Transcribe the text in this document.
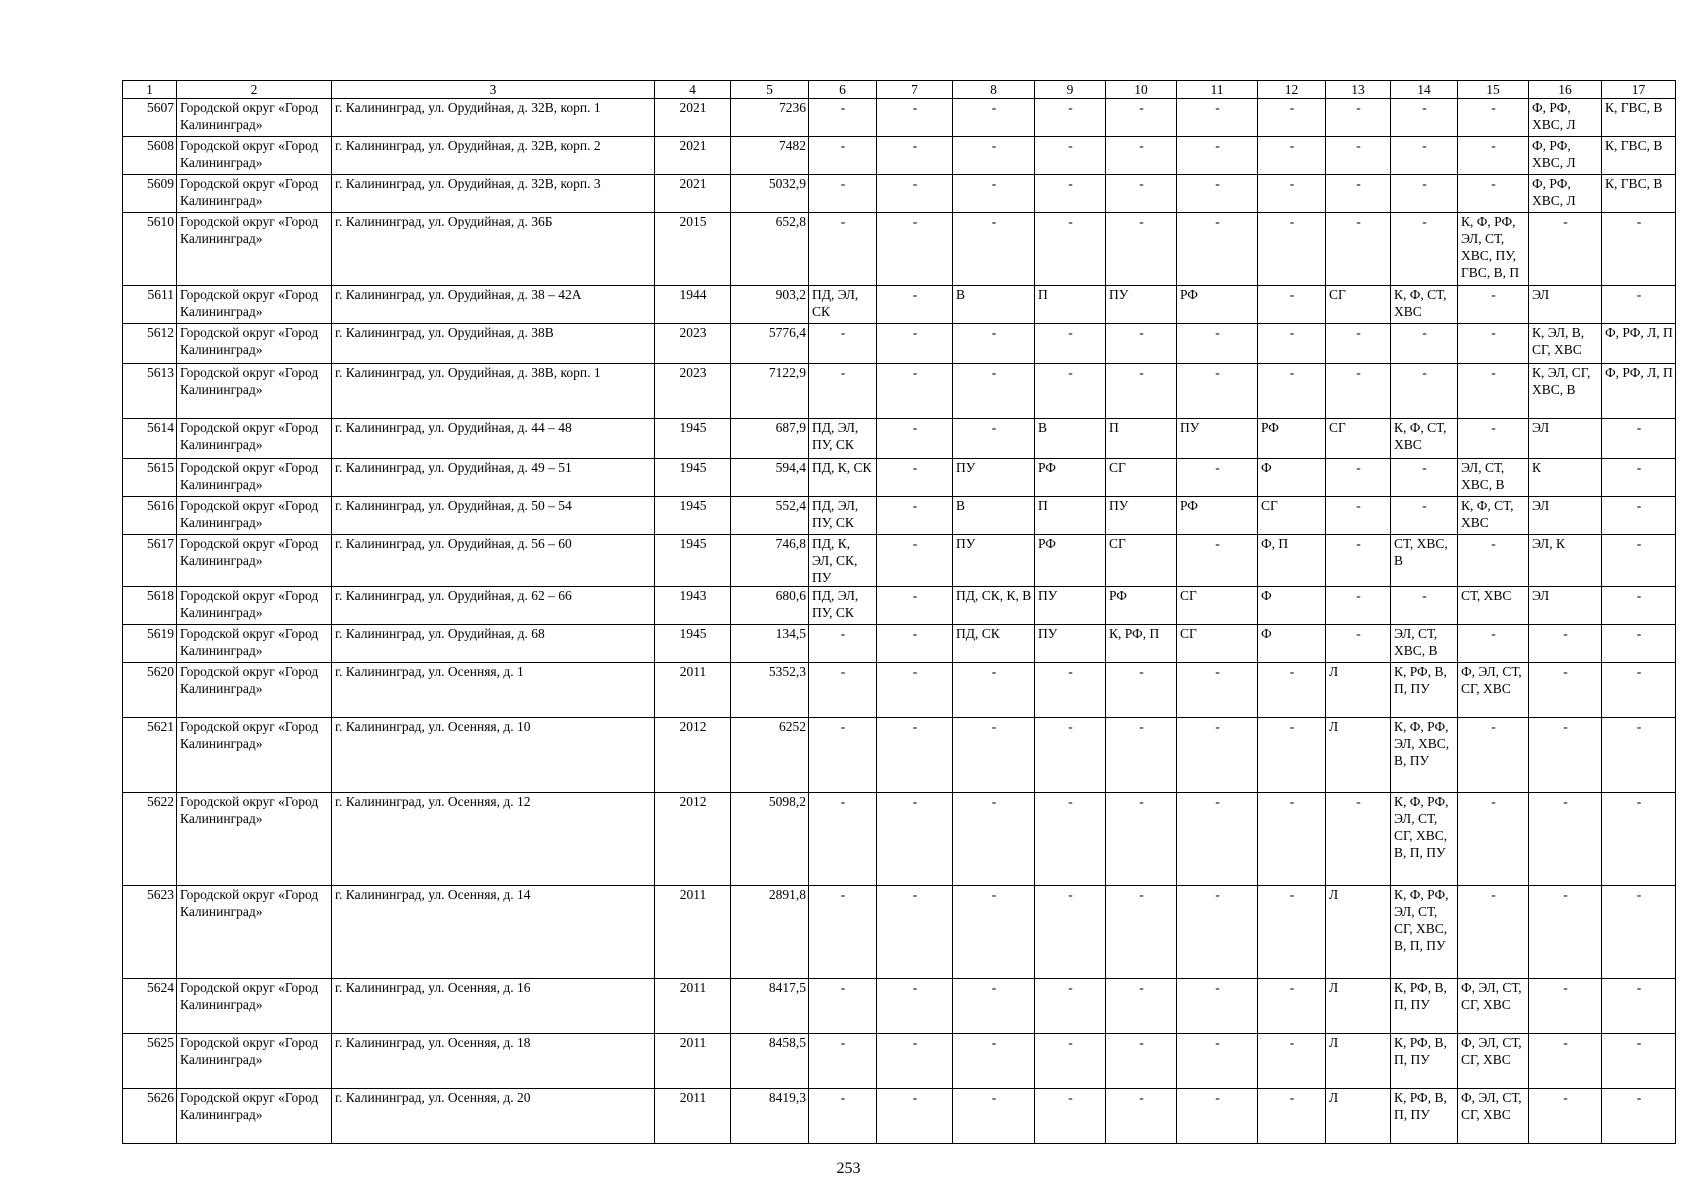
1	2	3	4	5	6	7	8	9	10	11	12	13	14	15	16	17
5607	Городской округ «Город Калининград»	г. Калининград, ул. Орудийная, д. 32В, корп. 1	2021	7236	-	-	-	-	-	-	-	-	-	-	Ф, РФ, ХВС, Л	К, ГВС, В
5608	Городской округ «Город Калининград»	г. Калининград, ул. Орудийная, д. 32В, корп. 2	2021	7482	-	-	-	-	-	-	-	-	-	-	Ф, РФ, ХВС, Л	К, ГВС, В
5609	Городской округ «Город Калининград»	г. Калининград, ул. Орудийная, д. 32В, корп. 3	2021	5032,9	-	-	-	-	-	-	-	-	-	-	Ф, РФ, ХВС, Л	К, ГВС, В
5610	Городской округ «Город Калининград»	г. Калининград, ул. Орудийная, д. 36Б	2015	652,8	-	-	-	-	-	-	-	-	-	К, Ф, РФ, ЭЛ, СТ, ХВС, ПУ, ГВС, В, П	-	-
5611	Городской округ «Город Калининград»	г. Калининград, ул. Орудийная, д. 38 – 42А	1944	903,2	ПД, ЭЛ, СК	-	В	П	ПУ	РФ	-	СГ	К, Ф, СТ, ХВС	-	ЭЛ	-
5612	Городской округ «Город Калининград»	г. Калининград, ул. Орудийная, д. 38В	2023	5776,4	-	-	-	-	-	-	-	-	-	-	К, ЭЛ, В, СГ, ХВС	Ф, РФ, Л, П
5613	Городской округ «Город Калининград»	г. Калининград, ул. Орудийная, д. 38В, корп. 1	2023	7122,9	-	-	-	-	-	-	-	-	-	-	К, ЭЛ, СГ, ХВС, В	Ф, РФ, Л, П
5614	Городской округ «Город Калининград»	г. Калининград, ул. Орудийная, д. 44 – 48	1945	687,9	ПД, ЭЛ, ПУ, СК	-	-	В	П	ПУ	РФ	СГ	К, Ф, СТ, ХВС	-	ЭЛ	-
5615	Городской округ «Город Калининград»	г. Калининград, ул. Орудийная, д. 49 – 51	1945	594,4	ПД, К, СК	-	ПУ	РФ	СГ	-	Ф	-	-	ЭЛ, СТ, ХВС, В	К	-
5616	Городской округ «Город Калининград»	г. Калининград, ул. Орудийная, д. 50 – 54	1945	552,4	ПД, ЭЛ, ПУ, СК	-	В	П	ПУ	РФ	СГ	-	-	К, Ф, СТ, ХВС	ЭЛ	-
5617	Городской округ «Город Калининград»	г. Калининград, ул. Орудийная, д. 56 – 60	1945	746,8	ПД, К, ЭЛ, СК, ПУ	-	ПУ	РФ	СГ	-	Ф, П	-	СТ, ХВС, В	-	ЭЛ, К	-
5618	Городской округ «Город Калининград»	г. Калининград, ул. Орудийная, д. 62 – 66	1943	680,6	ПД, ЭЛ, ПУ, СК	-	ПД, СК, К, В	ПУ	РФ	СГ	Ф	-	-	СТ, ХВС	ЭЛ	-
5619	Городской округ «Город Калининград»	г. Калининград, ул. Орудийная, д. 68	1945	134,5	-	-	ПД, СК	ПУ	К, РФ, П	СГ	Ф	-	ЭЛ, СТ, ХВС, В	-	-	-
5620	Городской округ «Город Калининград»	г. Калининград, ул. Осенняя, д. 1	2011	5352,3	-	-	-	-	-	-	-	Л	К, РФ, В, П, ПУ	Ф, ЭЛ, СТ, СГ, ХВС	-	-
5621	Городской округ «Город Калининград»	г. Калининград, ул. Осенняя, д. 10	2012	6252	-	-	-	-	-	-	-	Л	К, Ф, РФ, ЭЛ, ХВС, В, ПУ	-	-	-
5622	Городской округ «Город Калининград»	г. Калининград, ул. Осенняя, д. 12	2012	5098,2	-	-	-	-	-	-	-	-	К, Ф, РФ, ЭЛ, СТ, СГ, ХВС, В, П, ПУ	-	-	-
5623	Городской округ «Город Калининград»	г. Калининград, ул. Осенняя, д. 14	2011	2891,8	-	-	-	-	-	-	-	Л	К, Ф, РФ, ЭЛ, СТ, СГ, ХВС, В, П, ПУ	-	-	-
5624	Городской округ «Город Калининград»	г. Калининград, ул. Осенняя, д. 16	2011	8417,5	-	-	-	-	-	-	-	Л	К, РФ, В, П, ПУ	Ф, ЭЛ, СТ, СГ, ХВС	-	-
5625	Городской округ «Город Калининград»	г. Калининград, ул. Осенняя, д. 18	2011	8458,5	-	-	-	-	-	-	-	Л	К, РФ, В, П, ПУ	Ф, ЭЛ, СТ, СГ, ХВС	-	-
5626	Городской округ «Город Калининград»	г. Калининград, ул. Осенняя, д. 20	2011	8419,3	-	-	-	-	-	-	-	Л	К, РФ, В, П, ПУ	Ф, ЭЛ, СТ, СГ, ХВС	-	-
253
